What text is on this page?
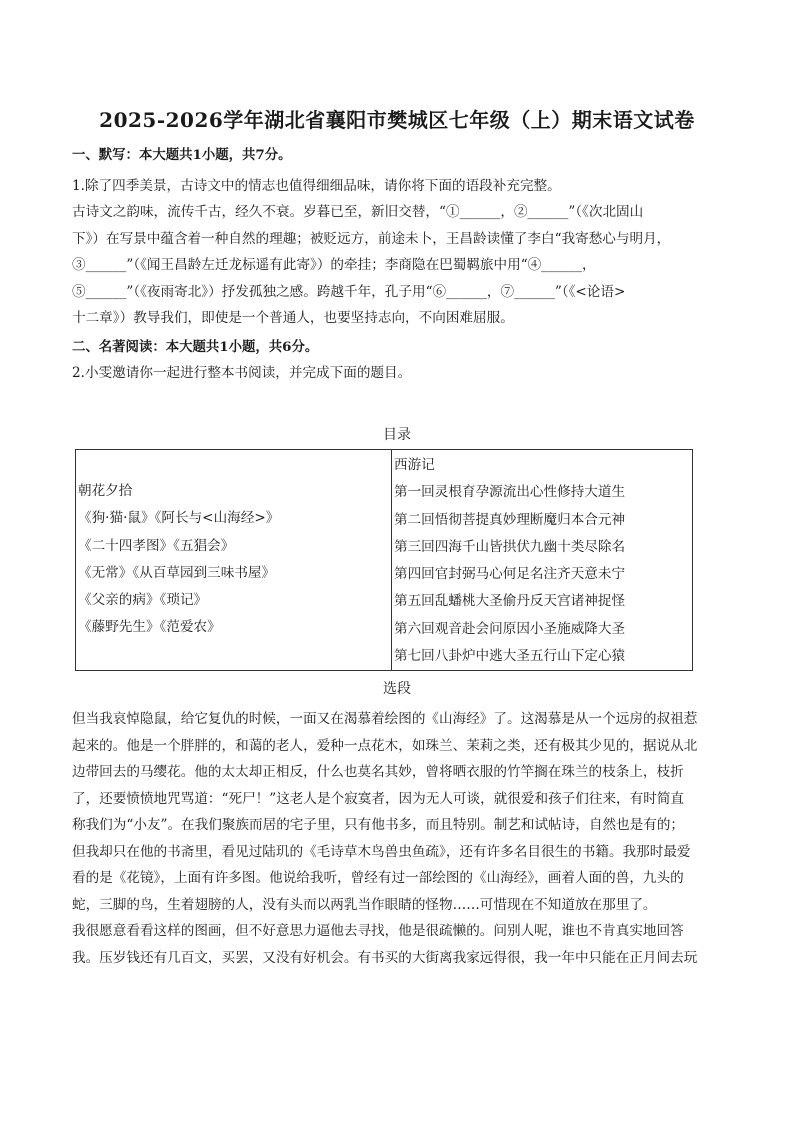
2025-2026学年湖北省襄阳市樊城区七年级（上）期末语文试卷

一、默写：本大题共1小题，共7分。

1.除了四季美景，古诗文中的情志也值得细细品味，请你将下面的语段补充完整。

古诗文之韵味，流传千古，经久不衰。岁暮已至，新旧交替，“①______，②______”（《次北固山

下》）在写景中蕴含着一种自然的理趣；被贬远方，前途未卜，王昌龄读懂了李白“我寄愁心与明月，

③______”（《闻王昌龄左迁龙标遥有此寄》）的牵挂；李商隐在巴蜀羁旅中用“④______，

⑤______”（《夜雨寄北》）抒发孤独之感。跨越千年，孔子用“⑥______，⑦______”（《<论语>

十二章》）教导我们，即使是一个普通人，也要坚持志向，不向困难屈服。

二、名著阅读：本大题共1小题，共6分。

2.小雯邀请你一起进行整本书阅读，并完成下面的题目。

目录
朝花夕拾
《狗·猫·鼠》《阿长与<山海经>》
《二十四孝图》《五猖会》
《无常》《从百草园到三味书屋》
《父亲的病》《琐记》
《藤野先生》《范爱农》
西游记
第一回灵根育孕源流出心性修持大道生
第二回悟彻菩提真妙理断魔归本合元神
第三回四海千山皆拱伏九幽十类尽除名
第四回官封弼马心何足名注齐天意未宁
第五回乱蟠桃大圣偷丹反天宫诸神捉怪
第六回观音赴会问原因小圣施威降大圣
第七回八卦炉中逃大圣五行山下定心猿
选段

但当我哀悼隐鼠，给它复仇的时候，一面又在渴慕着绘图的《山海经》了。这渴慕是从一个远房的叔祖惹

起来的。他是一个胖胖的，和蔼的老人，爱种一点花木，如珠兰、茉莉之类，还有极其少见的，据说从北

边带回去的马缨花。他的太太却正相反，什么也莫名其妙，曾将晒衣服的竹竿搁在珠兰的枝条上，枝折

了，还要愤愤地咒骂道：“死尸！”这老人是个寂寞者，因为无人可谈，就很爱和孩子们往来，有时简直

称我们为“小友”。在我们聚族而居的宅子里，只有他书多，而且特别。制艺和试帖诗，自然也是有的；

但我却只在他的书斋里，看见过陆玑的《毛诗草木鸟兽虫鱼疏》，还有许多名目很生的书籍。我那时最爱

看的是《花镜》，上面有许多图。他说给我听，曾经有过一部绘图的《山海经》，画着人面的兽，九头的

蛇，三脚的鸟，生着翅膀的人，没有头而以两乳当作眼睛的怪物……可惜现在不知道放在那里了。

我很愿意看看这样的图画，但不好意思力逼他去寻找，他是很疏懒的。问别人呢，谁也不肯真实地回答

我。压岁钱还有几百文，买罢，又没有好机会。有书买的大街离我家远得很，我一年中只能在正月间去玩
